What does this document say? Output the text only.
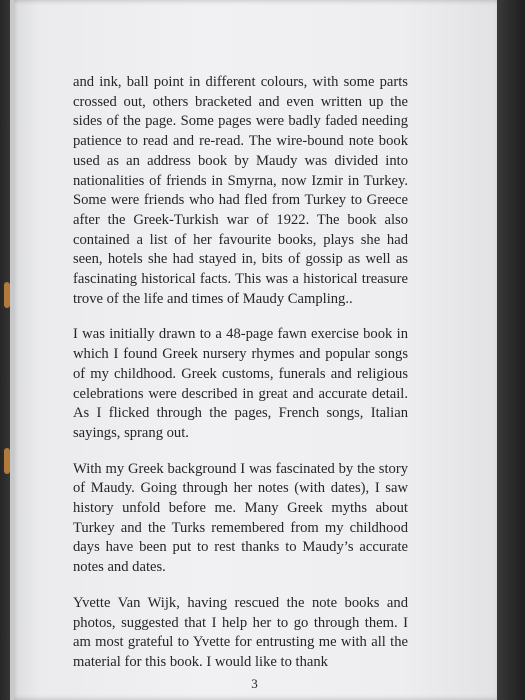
and ink, ball point in different colours, with some parts crossed out, others bracketed and even written up the sides of the page. Some pages were badly faded needing patience to read and re-read. The wire-bound note book used as an address book by Maudy was divided into nationalities of friends in Smyrna, now Izmir in Turkey. Some were friends who had fled from Turkey to Greece after the Greek-Turkish war of 1922. The book also contained a list of her favourite books, plays she had seen, hotels she had stayed in, bits of gossip as well as fascinating historical facts. This was a historical treasure trove of the life and times of Maudy Campling..

I was initially drawn to a 48-page fawn exercise book in which I found Greek nursery rhymes and popular songs of my childhood. Greek customs, funerals and religious celebrations were described in great and accurate detail. As I flicked through the pages, French songs, Italian sayings, sprang out.

With my Greek background I was fascinated by the story of Maudy. Going through her notes (with dates), I saw history unfold before me. Many Greek myths about Turkey and the Turks remembered from my childhood days have been put to rest thanks to Maudy’s accurate notes and dates.

Yvette Van Wijk, having rescued the note books and photos, suggested that I help her to go through them. I am most grateful to Yvette for entrusting me with all the material for this book. I would like to thank

3
